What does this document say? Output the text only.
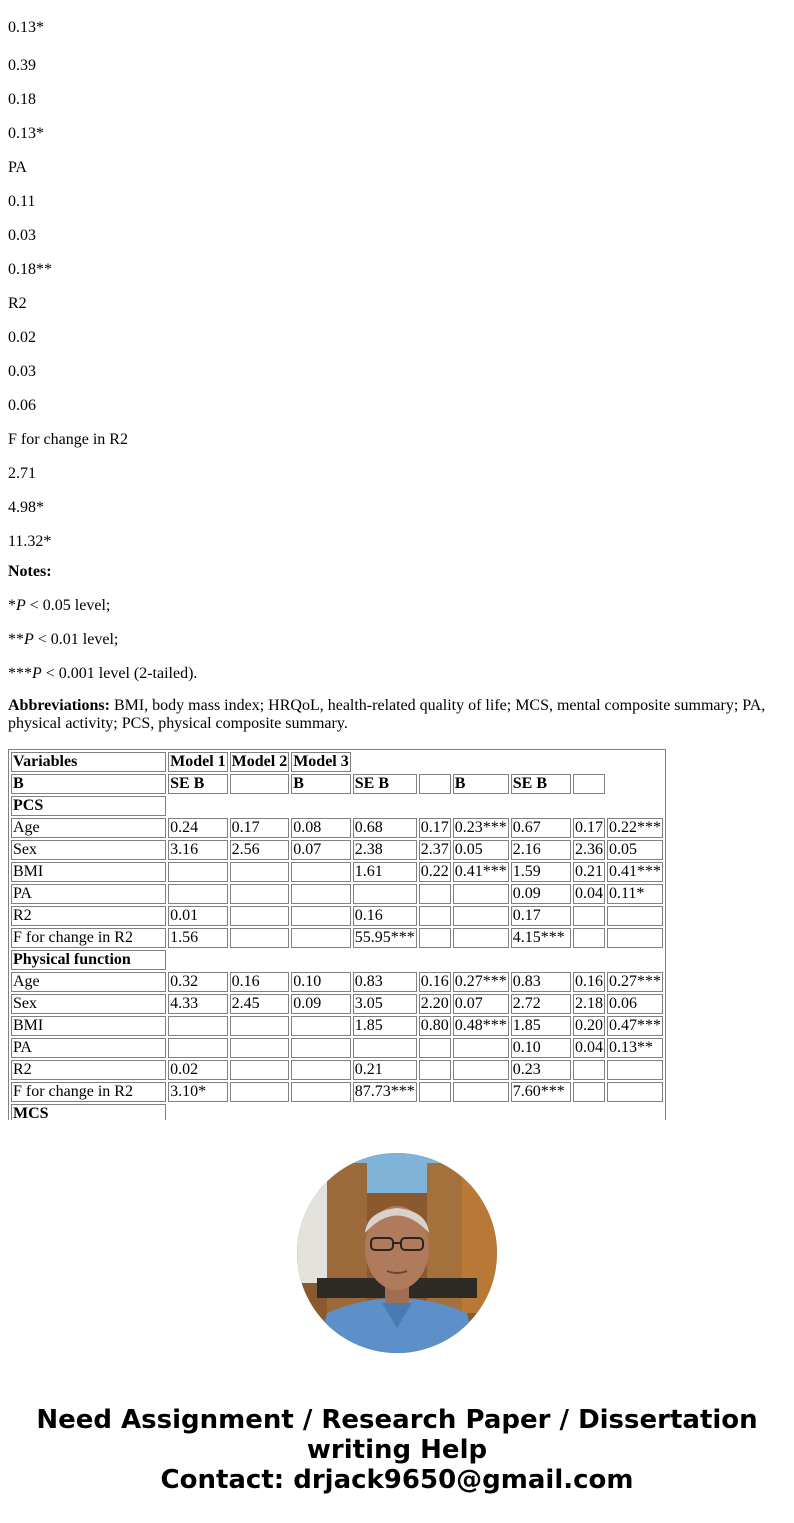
0.13*

0.39

0.18

0.13*

PA

0.11

0.03

0.18**

R2

0.02

0.03

0.06

F for change in R2

2.71

4.98*

11.32*

Notes:

*P < 0.05 level;

**P < 0.01 level;

***P < 0.001 level (2-tailed).

Abbreviations: BMI, body mass index; HRQoL, health-related quality of life; MCS, mental composite summary; PA, physical activity; PCS, physical composite summary.

Variables	Model 1	Model 2	Model 3						
B	SE B		B	SE B		B	SE B		
PCS									
Age	0.24	0.17	0.08	0.68	0.17	0.23***	0.67	0.17	0.22***
Sex	3.16	2.56	0.07	2.38	2.37	0.05	2.16	2.36	0.05
BMI				1.61	0.22	0.41***	1.59	0.21	0.41***
PA							0.09	0.04	0.11*
R2	0.01			0.16			0.17		
F for change in R2	1.56			55.95***			4.15***		
Physical function									
Age	0.32	0.16	0.10	0.83	0.16	0.27***	0.83	0.16	0.27***
Sex	4.33	2.45	0.09	3.05	2.20	0.07	2.72	2.18	0.06
BMI				1.85	0.80	0.48***	1.85	0.20	0.47***
PA							0.10	0.04	0.13**
R2	0.02			0.21			0.23		
F for change in R2	3.10*			87.73***			7.60***		
MCS									
Need Assignment / Research Paper / Dissertation
writing Help
Contact: drjack9650@gmail.com
